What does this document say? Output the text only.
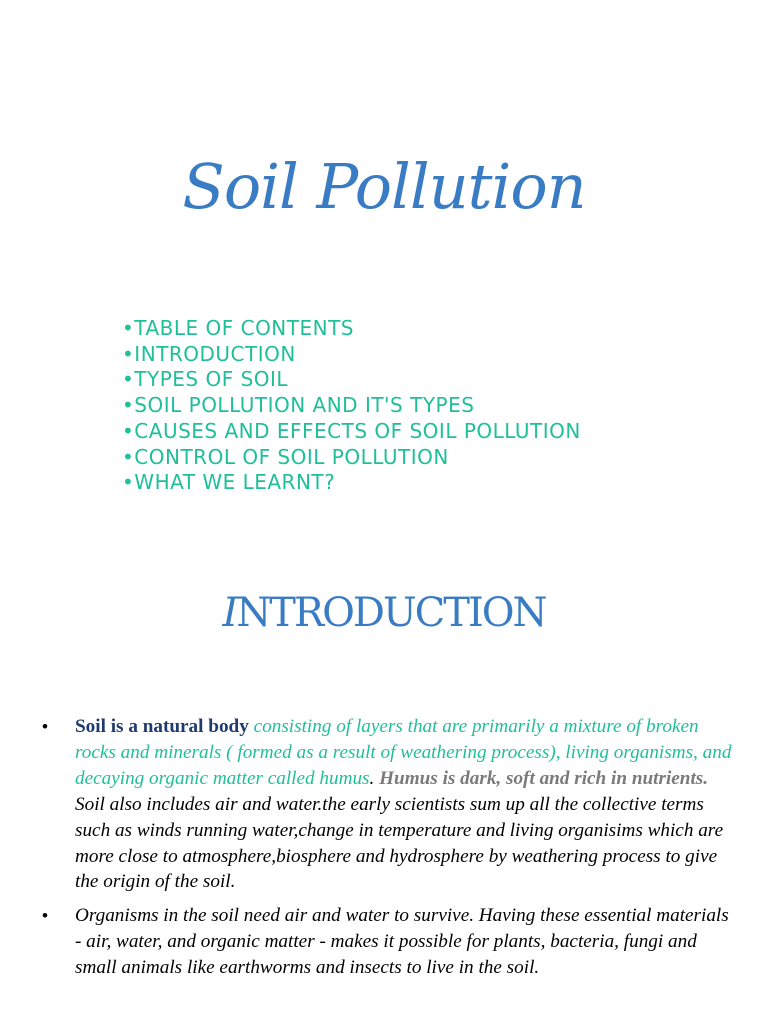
Soil Pollution
•TABLE OF CONTENTS
•INTRODUCTION
•TYPES OF SOIL
•SOIL POLLUTION AND IT'S TYPES
•CAUSES AND EFFECTS OF SOIL POLLUTION
•CONTROL OF SOIL POLLUTION
•WHAT WE LEARNT?
INTRODUCTION
• Soil is a natural body consisting of layers that are primarily a mixture of broken rocks and minerals ( formed as a result of weathering process), living organisms, and decaying organic matter called humus. Humus is dark, soft and rich in nutrients. Soil also includes air and water.the early scientists sum up all the collective terms such as winds running water,change in temperature and living organisims which are more close to atmosphere,biosphere and hydrosphere by weathering process to give the origin of the soil.
• Organisms in the soil need air and water to survive. Having these essential materials - air, water, and organic matter - makes it possible for plants, bacteria, fungi and small animals like earthworms and insects to live in the soil.
